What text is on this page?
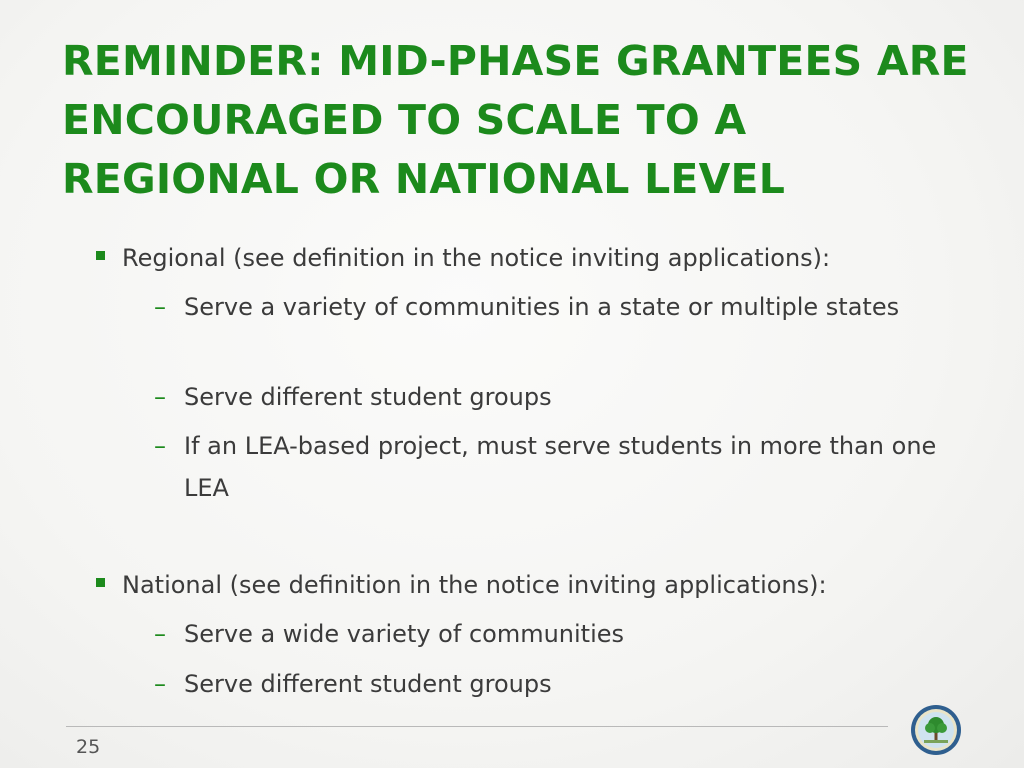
REMINDER: MID-PHASE GRANTEES ARE
ENCOURAGED TO SCALE TO A
REGIONAL OR NATIONAL LEVEL
Regional (see definition in the notice inviting applications):
– Serve a variety of communities in a state or multiple states
– Serve different student groups
– If an LEA-based project, must serve students in more than one LEA
National (see definition in the notice inviting applications):
– Serve a wide variety of communities
– Serve different student groups
25
